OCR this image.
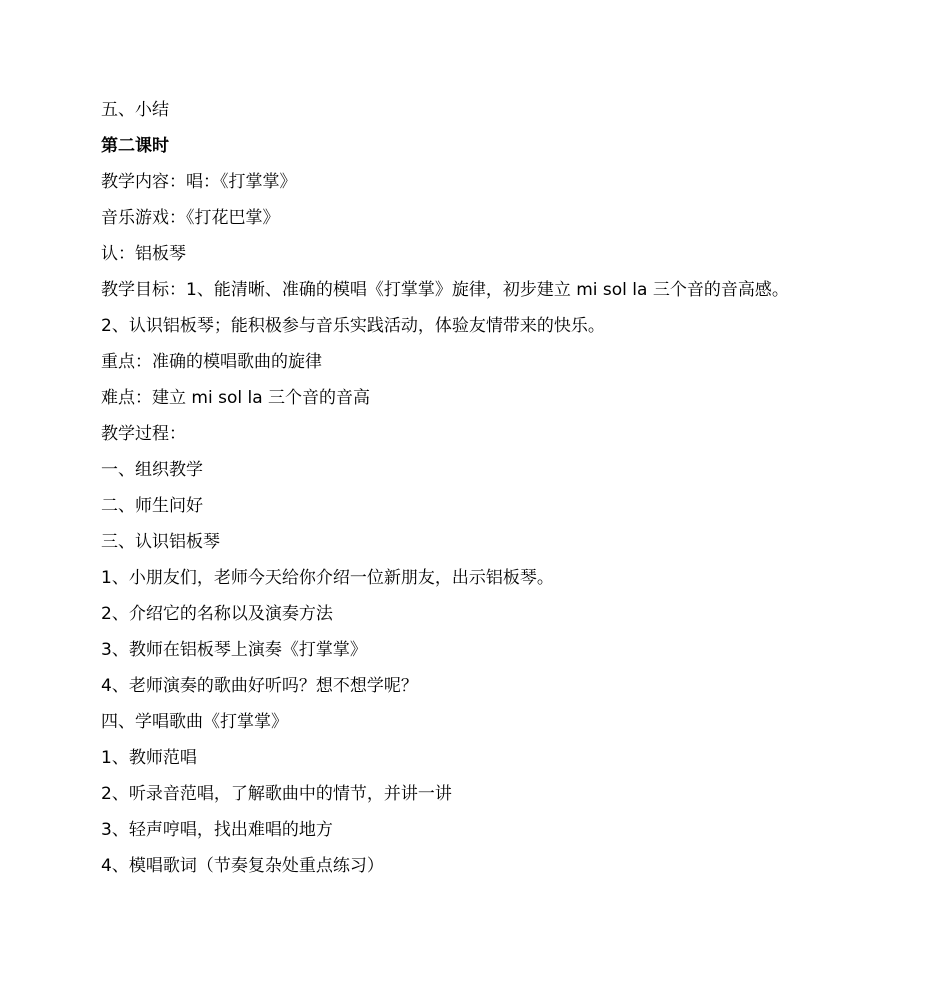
五、小结
第二课时
教学内容：唱：《打掌掌》
音乐游戏：《打花巴掌》
认：铝板琴
教学目标：1、能清晰、准确的模唱《打掌掌》旋律，初步建立 mi sol la 三个音的音高感。
2、认识铝板琴；能积极参与音乐实践活动，体验友情带来的快乐。
重点：准确的模唱歌曲的旋律
难点：建立 mi sol la 三个音的音高
教学过程：
一、组织教学
二、师生问好
三、认识铝板琴
1、小朋友们，老师今天给你介绍一位新朋友，出示铝板琴。
2、介绍它的名称以及演奏方法
3、教师在铝板琴上演奏《打掌掌》
4、老师演奏的歌曲好听吗？想不想学呢？
四、学唱歌曲《打掌掌》
1、教师范唱
2、听录音范唱，了解歌曲中的情节，并讲一讲
3、轻声哼唱，找出难唱的地方
4、模唱歌词（节奏复杂处重点练习）
